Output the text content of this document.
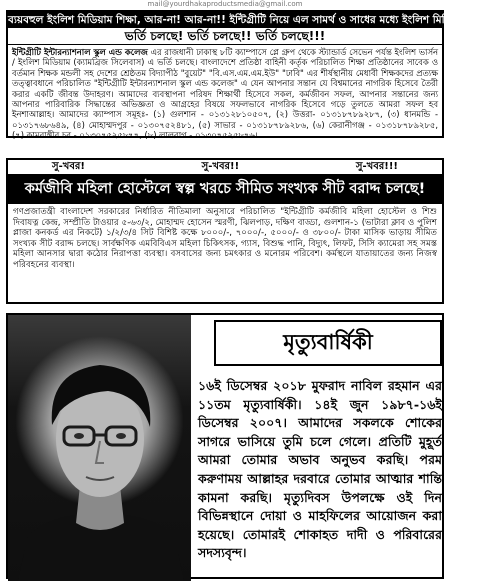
mail@yourdhakaproductsmedia@gmail.com
ব্যয়বহুল ইংলিশ মিডিয়াম শিক্ষা, আর-না! আর-না!! ইন্টিগ্রীটি নিয়ে এল সামর্থ ও সাধের মধ্যে ইংলিশ মিডিয়াম শিক্ষা
ভর্তি চলছে! ভর্তি চলছে!! ভর্তি চলছে!!!
ইন্টিগ্রীটি ইন্টারন্যাশনাল স্কুল এন্ড কলেজ এর রাজধানী ঢাকাস্থ ৮টি ক্যাম্পাসে প্লে গ্রুপ থেকে স্ট্যান্ডার্ড সেভেন পর্যন্ত ইংলিশ ভার্সন / ইংলিশ মিডিয়াম (ক্যামব্রিজ সিলেবাস) এ ভর্তি চলছে। বাংলাদেশে প্রতিষ্ঠা বাহিনী কর্তৃক পরিচালিত শিক্ষা প্রতিষ্ঠানের সাবেক ও বর্তমান শিক্ষক মন্ডলী সহ দেশের শ্রেষ্ঠতম বিদ্যাপীঠ "বুয়েট" "বি.এস.এম.এম.ইউ" "ঢাবি" এর শীর্ষস্থানীয় মেধাবী শিক্ষকদের প্রত্যক্ষ তত্ত্বাবধানে পরিচালিত "ইন্টিগ্রীটি ইন্টারন্যাশনাল স্কুল এন্ড কলেজ" এ যেন আপনার সন্তান যে বিশ্বমানের নাগরিক হিসেবে তৈরী করার একটি জীবন্ত উদাহরণ। আমাদের ব্যবস্থাপনা পরিষদ শিক্ষার্থী হিসেবে সকল, কর্মজীবন সফল, আপনার সন্তানের জন্য আপনার পারিবারিক সিদ্ধান্তের অভিজ্ঞতা ও আগ্রহের বিষয়ে সফলভাবে নাগরিক হিসেবে গড়ে তুলতে আমরা সফল হব ইনশাআল্লাহ। আমাদের ক্যাম্পাস সমূহঃ- (১) গুলশান - ০১৩১২৮১০৫০৭, (২) উত্তরা- ০১৩১৮৭৮৯২৮৭, (৩) ধানমন্ডি - ০১৩১৭৬৮৬৪৯, (৪) মোহাম্মদপুর - ০১৩০৭৫২৪৮১, (৫) সাভার - ০১৩১৮৭৮৯২৮৬, (৬) কেরানীগঞ্জ - ০১৩১৮৭৮৯২৮৫, (৭) কামরাঙ্গীর চর - ০১৩০৭৫২৫৮৭৭, (৮) লালবাগ - ০১৩০৭৫২৫৮৭৬।
সু-খবর!	সু-খবর!!	সু-খবর!!!
কর্মজীবি মহিলা হোস্টেলে স্বল্প খরচে সীমিত সংখ্যক সীট বরাদ্দ চলছে!
গণপ্রজাতন্ত্রী বাংলাদেশ সরকারের নির্ধারিত নীতিমালা অনুসারে পরিচালিত "ইন্টিগ্রীটি কর্মজীবি মহিলা হোস্টেল ও শিশু দিবাযত্ন কেন্দ্র, সম্প্রীতি টাওয়ার ৫-৬৩/২, মোহাম্মদ হোসেন স্মরণী, ঝিলপাড়, দক্ষিণ বাড্ডা, গুলশান-১ (ভাটারা ক্লাব ও পুলিশ প্লাজা কনকর্ড এর নিকটে) ১/২/৩/৪ সিট বিশিষ্ট কক্ষে ৮০০০/-, ৭০০০/-, ৫০০০/- ও ৩৮০০/- টাকা মাসিক ভাড়ায় সীমিত সংখ্যক সীট বরাদ্দ চলছে। সার্বক্ষণিক এমবিবিএস মহিলা চিকিৎসক, গ্যাস, বিশুদ্ধ পানি, বিদ্যুৎ, লিফট, সিসি ক্যামেরা সহ সমস্ত মহিলা আনসার দ্বারা কঠোর নিরাপত্তা ব্যবস্থা। বসবাসের জন্য চমৎকার ও মনোরম পরিবেশ। কর্মস্থলে যাতায়াতের জন্য নিজস্ব পরিবহনের ব্যবস্থা।
মৃত্যুবার্ষিকী
১৬ই ডিসেম্বর ২০১৮ মুফরাদ নাবিল রহমান এর ১১তম মৃত্যুবার্ষিকী। ১৪ই জুন ১৯৮৭-১৬ই ডিসেম্বর ২০০৭। আমাদের সকলকে শোকের সাগরে ভাসিয়ে তুমি চলে গেলে। প্রতিটি মুহূর্ত আমরা তোমার অভাব অনুভব করছি। পরম করুণাময় আল্লাহর দরবারে তোমার আত্মার শান্তি কামনা করছি। মৃত্যুদিবস উপলক্ষে ওই দিন বিভিন্নস্থানে দোয়া ও মাহফিলের আয়োজন করা হয়েছে। তোমারই শোকাহত দাদী ও পরিবারের সদস্যবৃন্দ।
